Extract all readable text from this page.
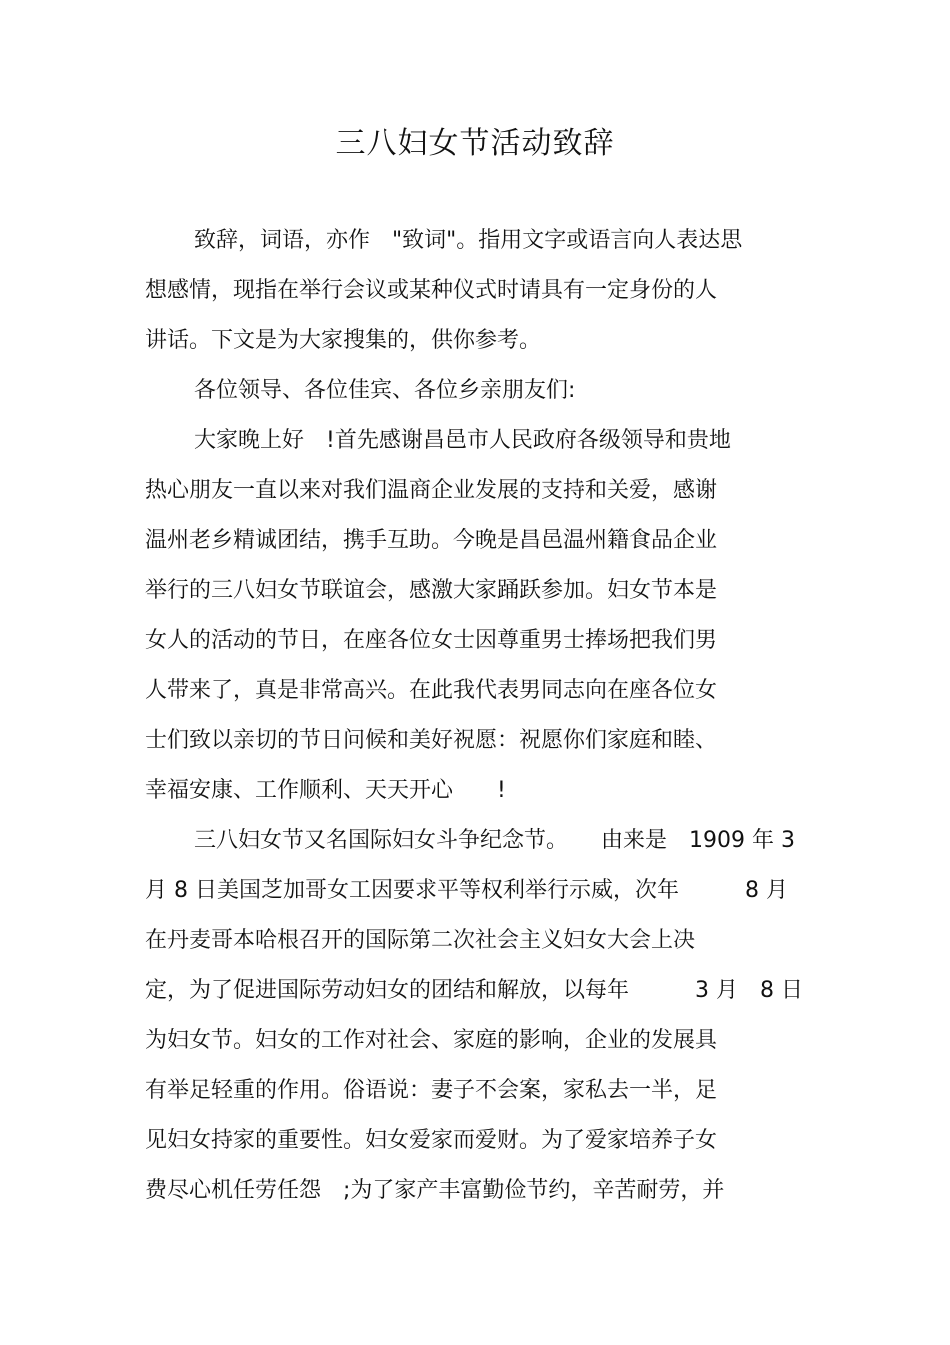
三八妇女节活动致辞
致辞，词语，亦作　"致词"。指用文字或语言向人表达思
想感情，现指在举行会议或某种仪式时请具有一定身份的人
讲话。下文是为大家搜集的，供你参考。
各位领导、各位佳宾、各位乡亲朋友们:
大家晚上好　!首先感谢昌邑市人民政府各级领导和贵地
热心朋友一直以来对我们温商企业发展的支持和关爱，感谢
温州老乡精诚团结，携手互助。今晚是昌邑温州籍食品企业
举行的三八妇女节联谊会，感激大家踊跃参加。妇女节本是
女人的活动的节日，在座各位女士因尊重男士捧场把我们男
人带来了，真是非常高兴。在此我代表男同志向在座各位女
士们致以亲切的节日问候和美好祝愿：祝愿你们家庭和睦、
幸福安康、工作顺利、天天开心　　!
三八妇女节又名国际妇女斗争纪念节。　　由来是　1909 年 3
月 8 日美国芝加哥女工因要求平等权利举行示威，次年　　　8 月
在丹麦哥本哈根召开的国际第二次社会主义妇女大会上决
定，为了促进国际劳动妇女的团结和解放，以每年　　　3 月　8 日
为妇女节。妇女的工作对社会、家庭的影响，企业的发展具
有举足轻重的作用。俗语说：妻子不会案，家私去一半，足
见妇女持家的重要性。妇女爱家而爱财。为了爱家培养子女
费尽心机任劳任怨　;为了家产丰富勤俭节约，辛苦耐劳，并
